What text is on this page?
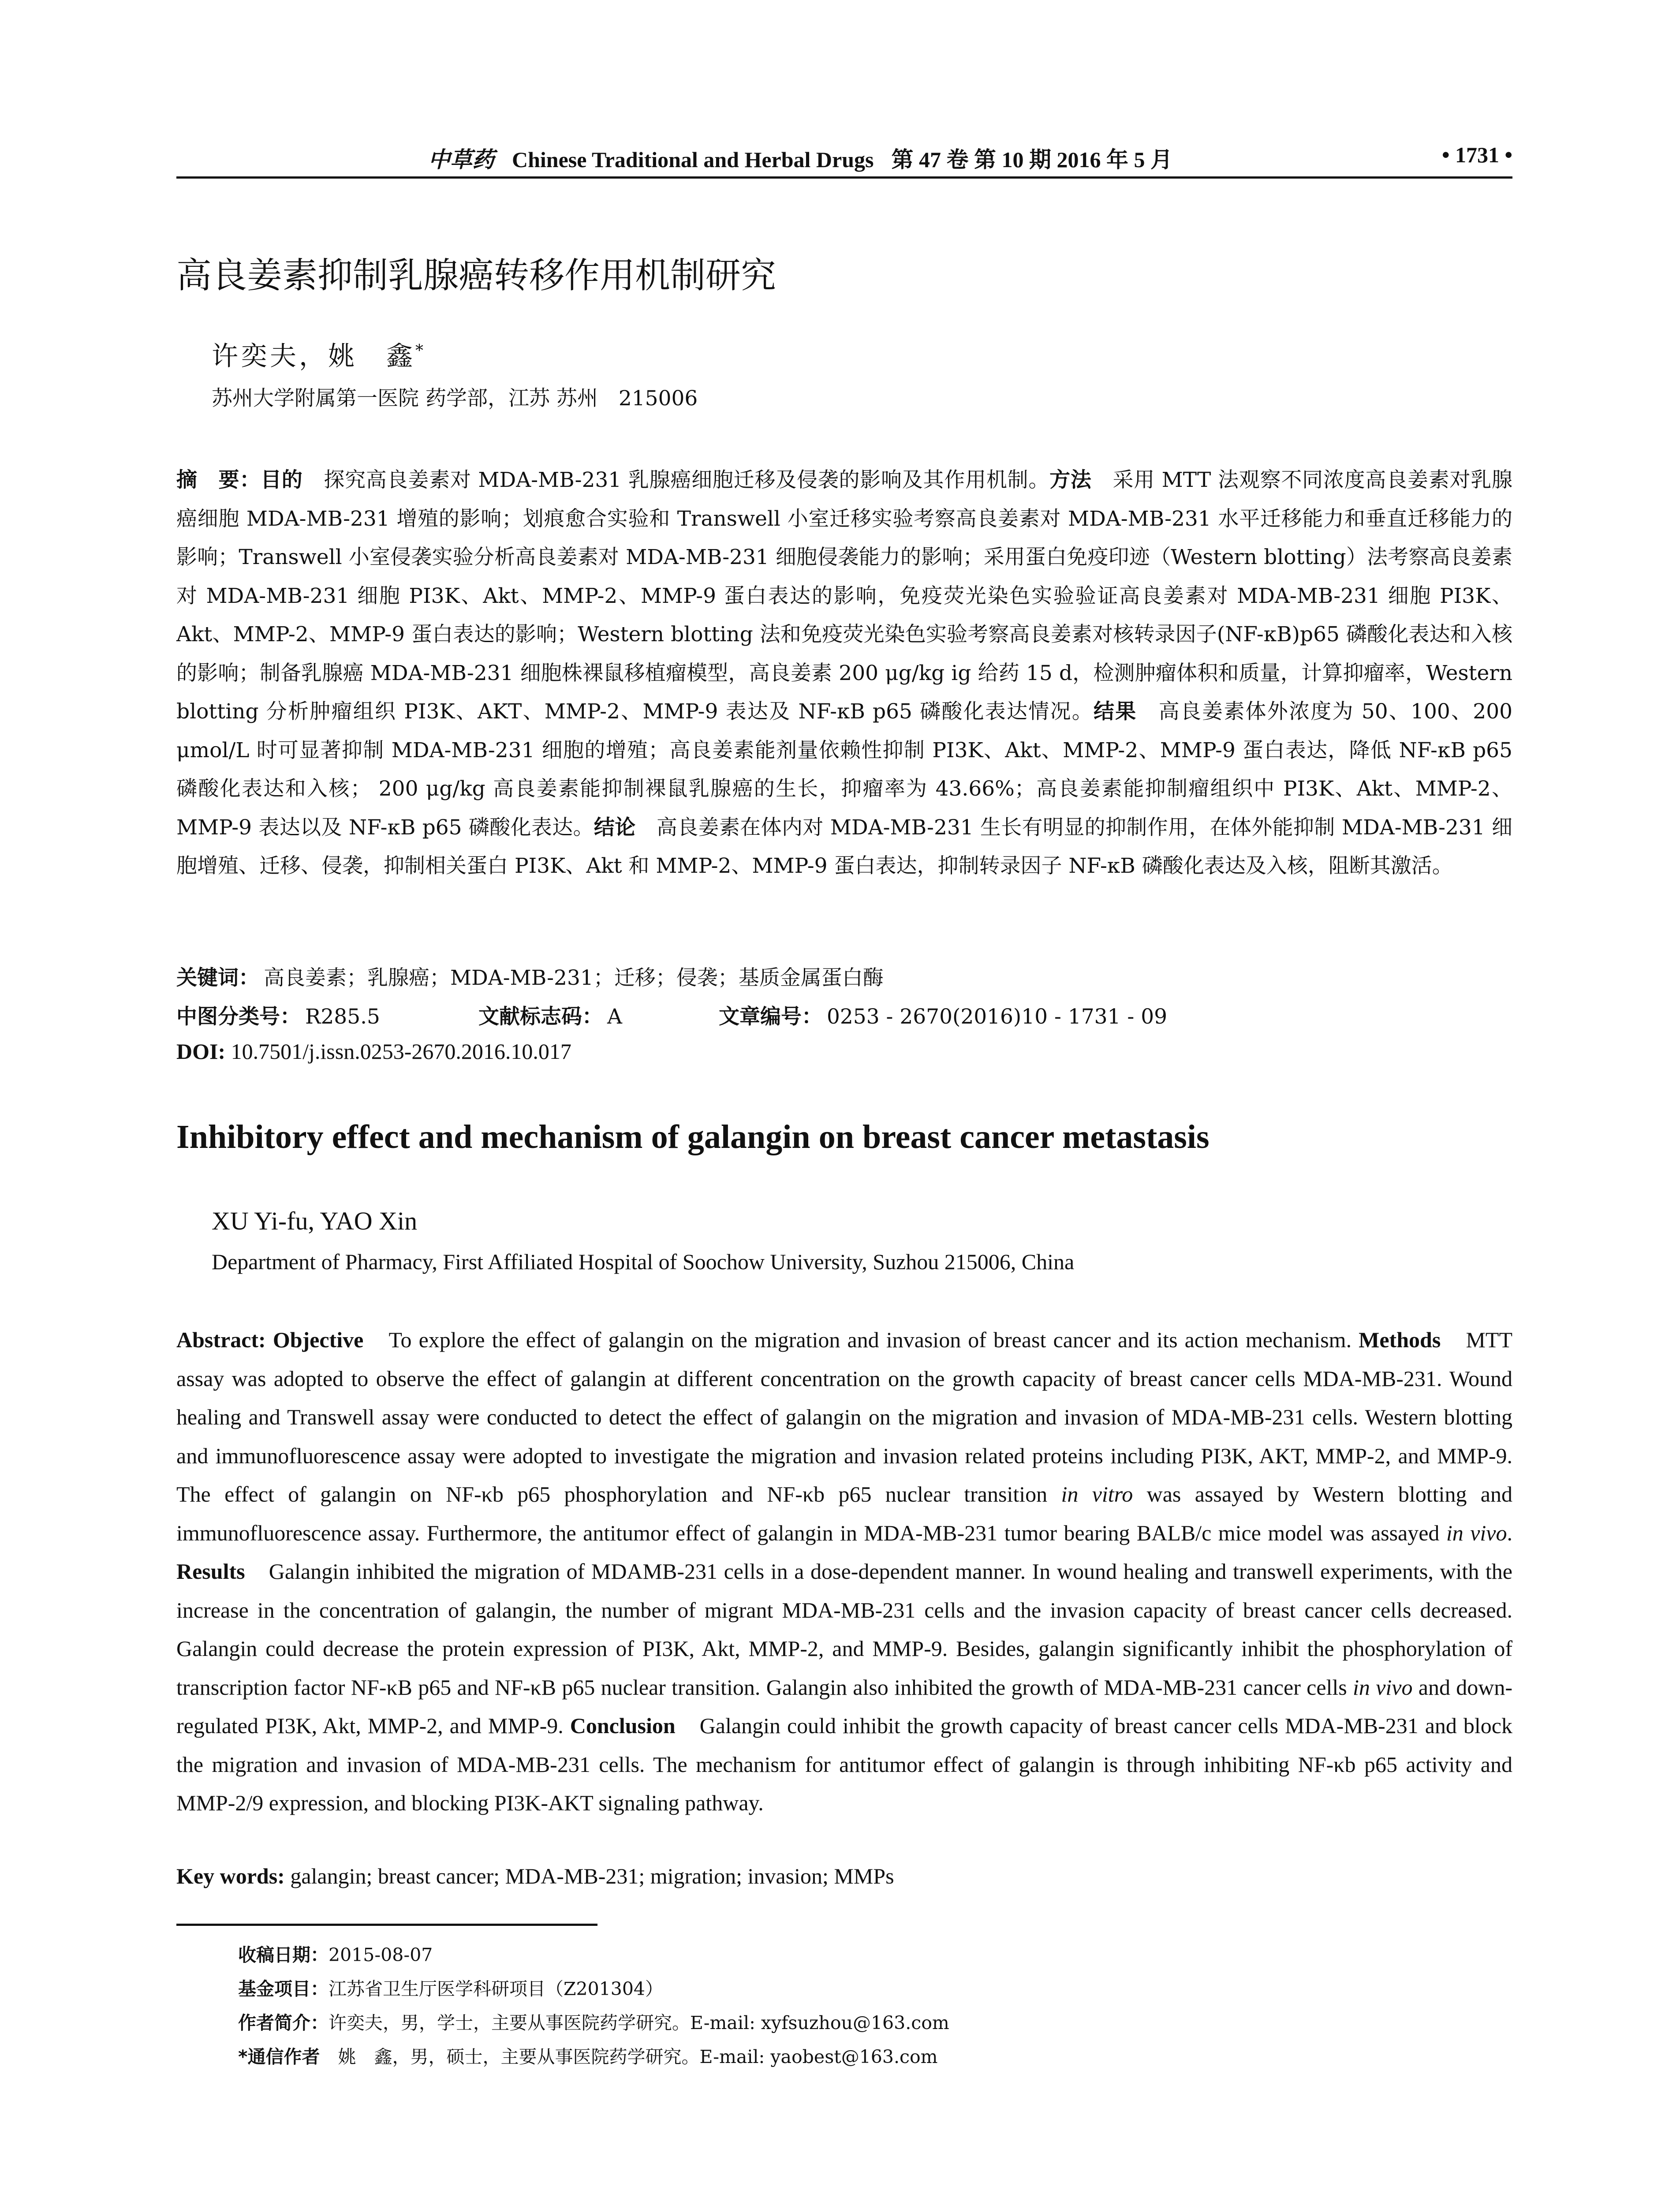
中草药 Chinese Traditional and Herbal Drugs 第 47 卷 第 10 期 2016 年 5 月	• 1731 •
高良姜素抑制乳腺癌转移作用机制研究
许奕夫，姚　鑫*
苏州大学附属第一医院 药学部，江苏 苏州　215006
摘　要：目的　探究高良姜素对 MDA-MB-231 乳腺癌细胞迁移及侵袭的影响及其作用机制。方法　采用 MTT 法观察不同浓度高良姜素对乳腺癌细胞 MDA-MB-231 增殖的影响；划痕愈合实验和 Transwell 小室迁移实验考察高良姜素对 MDA-MB-231 水平迁移能力和垂直迁移能力的影响；Transwell 小室侵袭实验分析高良姜素对 MDA-MB-231 细胞侵袭能力的影响；采用蛋白免疫印迹（Western blotting）法考察高良姜素对 MDA-MB-231 细胞 PI3K、Akt、MMP-2、MMP-9 蛋白表达的影响，免疫荧光染色实验验证高良姜素对 MDA-MB-231 细胞 PI3K、Akt、MMP-2、MMP-9 蛋白表达的影响；Western blotting 法和免疫荧光染色实验考察高良姜素对核转录因子(NF-κB)p65 磷酸化表达和入核的影响；制备乳腺癌 MDA-MB-231 细胞株裸鼠移植瘤模型，高良姜素 200 μg/kg ig 给药 15 d，检测肿瘤体积和质量，计算抑瘤率，Western blotting 分析肿瘤组织 PI3K、AKT、MMP-2、MMP-9 表达及 NF-κB p65 磷酸化表达情况。结果　高良姜素体外浓度为 50、100、200 μmol/L 时可显著抑制 MDA-MB-231 细胞的增殖；高良姜素能剂量依赖性抑制 PI3K、Akt、MMP-2、MMP-9 蛋白表达，降低 NF-κB p65 磷酸化表达和入核； 200 μg/kg 高良姜素能抑制裸鼠乳腺癌的生长，抑瘤率为 43.66%；高良姜素能抑制瘤组织中 PI3K、Akt、MMP-2、MMP-9 表达以及 NF-κB p65 磷酸化表达。结论　高良姜素在体内对 MDA-MB-231 生长有明显的抑制作用，在体外能抑制 MDA-MB-231 细胞增殖、迁移、侵袭，抑制相关蛋白 PI3K、Akt 和 MMP-2、MMP-9 蛋白表达，抑制转录因子 NF-κB 磷酸化表达及入核，阻断其激活。
关键词： 高良姜素；乳腺癌；MDA-MB-231；迁移；侵袭；基质金属蛋白酶
中图分类号： R285.5	文献标志码： A	文章编号： 0253 - 2670(2016)10 - 1731 - 09
DOI: 10.7501/j.issn.0253-2670.2016.10.017
Inhibitory effect and mechanism of galangin on breast cancer metastasis
XU Yi-fu, YAO Xin
Department of Pharmacy, First Affiliated Hospital of Soochow University, Suzhou 215006, China
Abstract: Objective　To explore the effect of galangin on the migration and invasion of breast cancer and its action mechanism. Methods　MTT assay was adopted to observe the effect of galangin at different concentration on the growth capacity of breast cancer cells MDA-MB-231. Wound healing and Transwell assay were conducted to detect the effect of galangin on the migration and invasion of MDA-MB-231 cells. Western blotting and immunofluorescence assay were adopted to investigate the migration and invasion related proteins including PI3K, AKT, MMP-2, and MMP-9. The effect of galangin on NF-κb p65 phosphorylation and NF-κb p65 nuclear transition in vitro was assayed by Western blotting and immunofluorescence assay. Furthermore, the antitumor effect of galangin in MDA-MB-231 tumor bearing BALB/c mice model was assayed in vivo. Results　Galangin inhibited the migration of MDAMB-231 cells in a dose-dependent manner. In wound healing and transwell experiments, with the increase in the concentration of galangin, the number of migrant MDA-MB-231 cells and the invasion capacity of breast cancer cells decreased. Galangin could decrease the protein expression of PI3K, Akt, MMP-2, and MMP-9. Besides, galangin significantly inhibit the phosphorylation of transcription factor NF-κB p65 and NF-κB p65 nuclear transition. Galangin also inhibited the growth of MDA-MB-231 cancer cells in vivo and down-regulated PI3K, Akt, MMP-2, and MMP-9. Conclusion　Galangin could inhibit the growth capacity of breast cancer cells MDA-MB-231 and block the migration and invasion of MDA-MB-231 cells. The mechanism for antitumor effect of galangin is through inhibiting NF-κb p65 activity and MMP-2/9 expression, and blocking PI3K-AKT signaling pathway.
Key words: galangin; breast cancer; MDA-MB-231; migration; invasion; MMPs
收稿日期：2015-08-07
基金项目：江苏省卫生厅医学科研项目（Z201304）
作者简介：许奕夫，男，学士，主要从事医院药学研究。E-mail: xyfsuzhou@163.com
*通信作者　姚　鑫，男，硕士，主要从事医院药学研究。E-mail: yaobest@163.com
